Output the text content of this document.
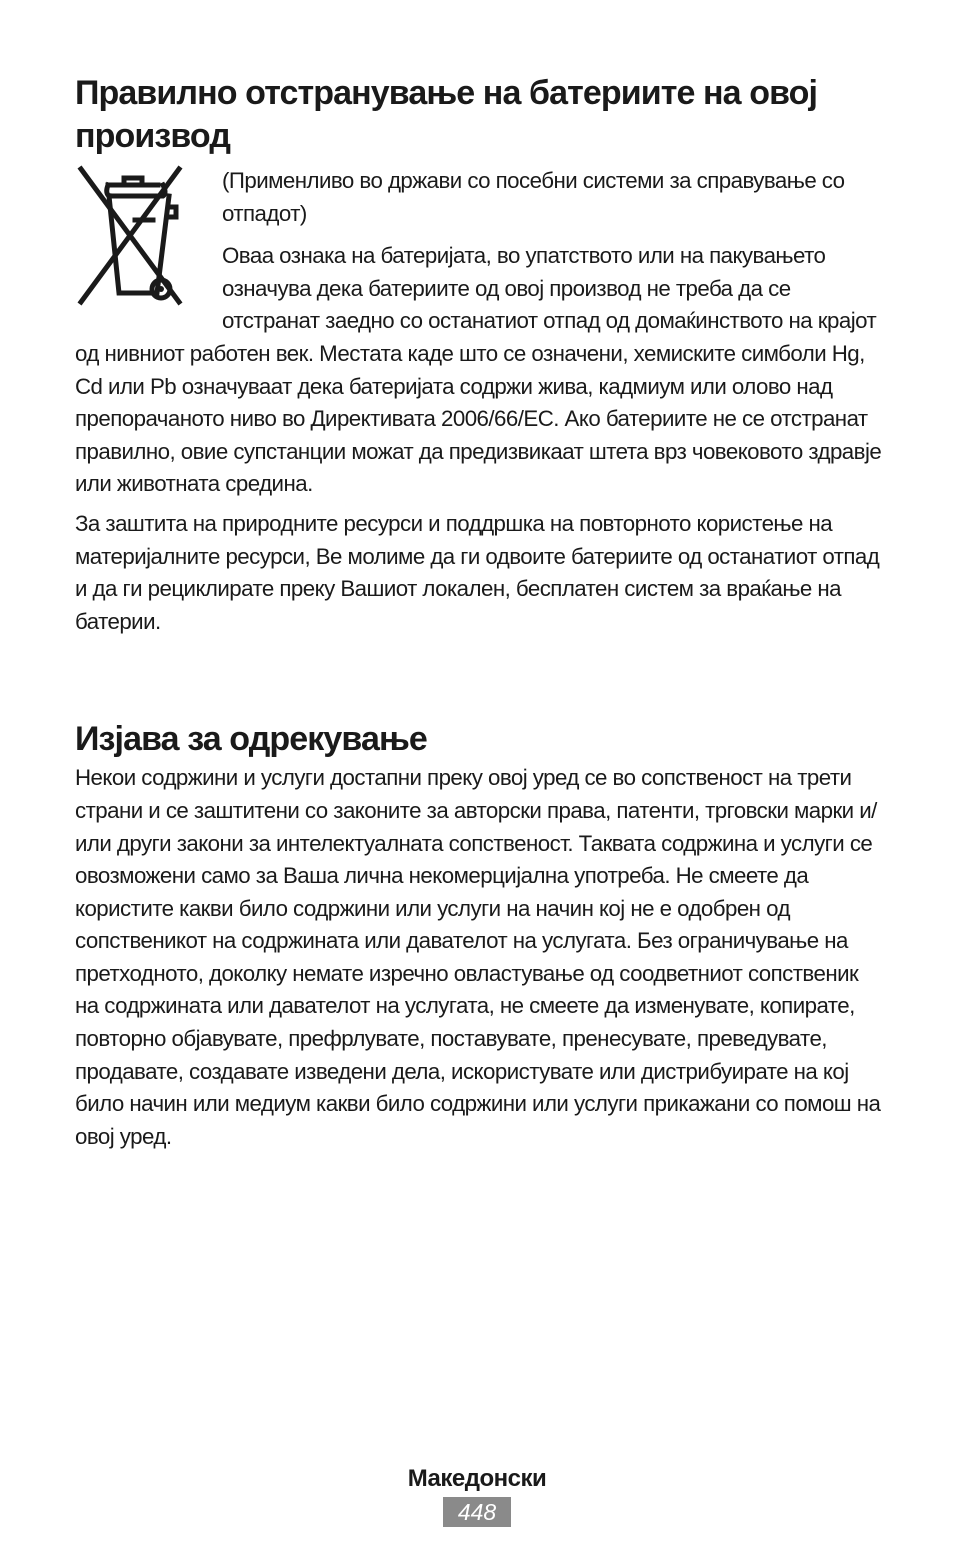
Правилно отстранување на батериите на овој производ

(Применливо во држави со посебни системи за справување со отпадот)

Оваа ознака на батеријата, во упатството или на пакувањето означува дека батериите од овој производ не треба да се отстранат заедно со останатиот отпад од домаќинството на крајот од нивниот работен век. Местата каде што се означени, хемиските симболи Hg, Cd или Pb означуваат дека батеријата содржи жива, кадмиум или олово над препорачаното ниво во Директивата 2006/66/EC. Ако батериите не се отстранат правилно, овие супстанции можат да предизвикаат штета врз човековото здравје или животната средина.

За заштита на природните ресурси и поддршка на повторното користење на материјалните ресурси, Ве молиме да ги одвоите батериите од останатиот отпад и да ги рециклирате преку Вашиот локален, бесплатен систем за враќање на батерии.

Изјава за одрекување

Некои содржини и услуги достапни преку овој уред се во сопственост на трети страни и се заштитени со законите за авторски права, патенти, трговски марки и/или други закони за интелектуалната сопственост. Таквата содржина и услуги се овозможени само за Ваша лична некомерцијална употреба. Не смеете да користите какви било содржини или услуги на начин кој не е одобрен од сопственикот на содржината или давателот на услугата. Без ограничување на претходното, доколку немате изречно овластување од соодветниот сопственик на содржината или давателот на услугата, не смеете да изменувате, копирате, повторно објавувате, префрлувате, поставувате, пренесувате, преведувате, продавате, создавате изведени дела, искористувате или дистрибуирате на кој било начин или медиум какви било содржини или услуги прикажани со помош на овој уред.

Македонски
448
